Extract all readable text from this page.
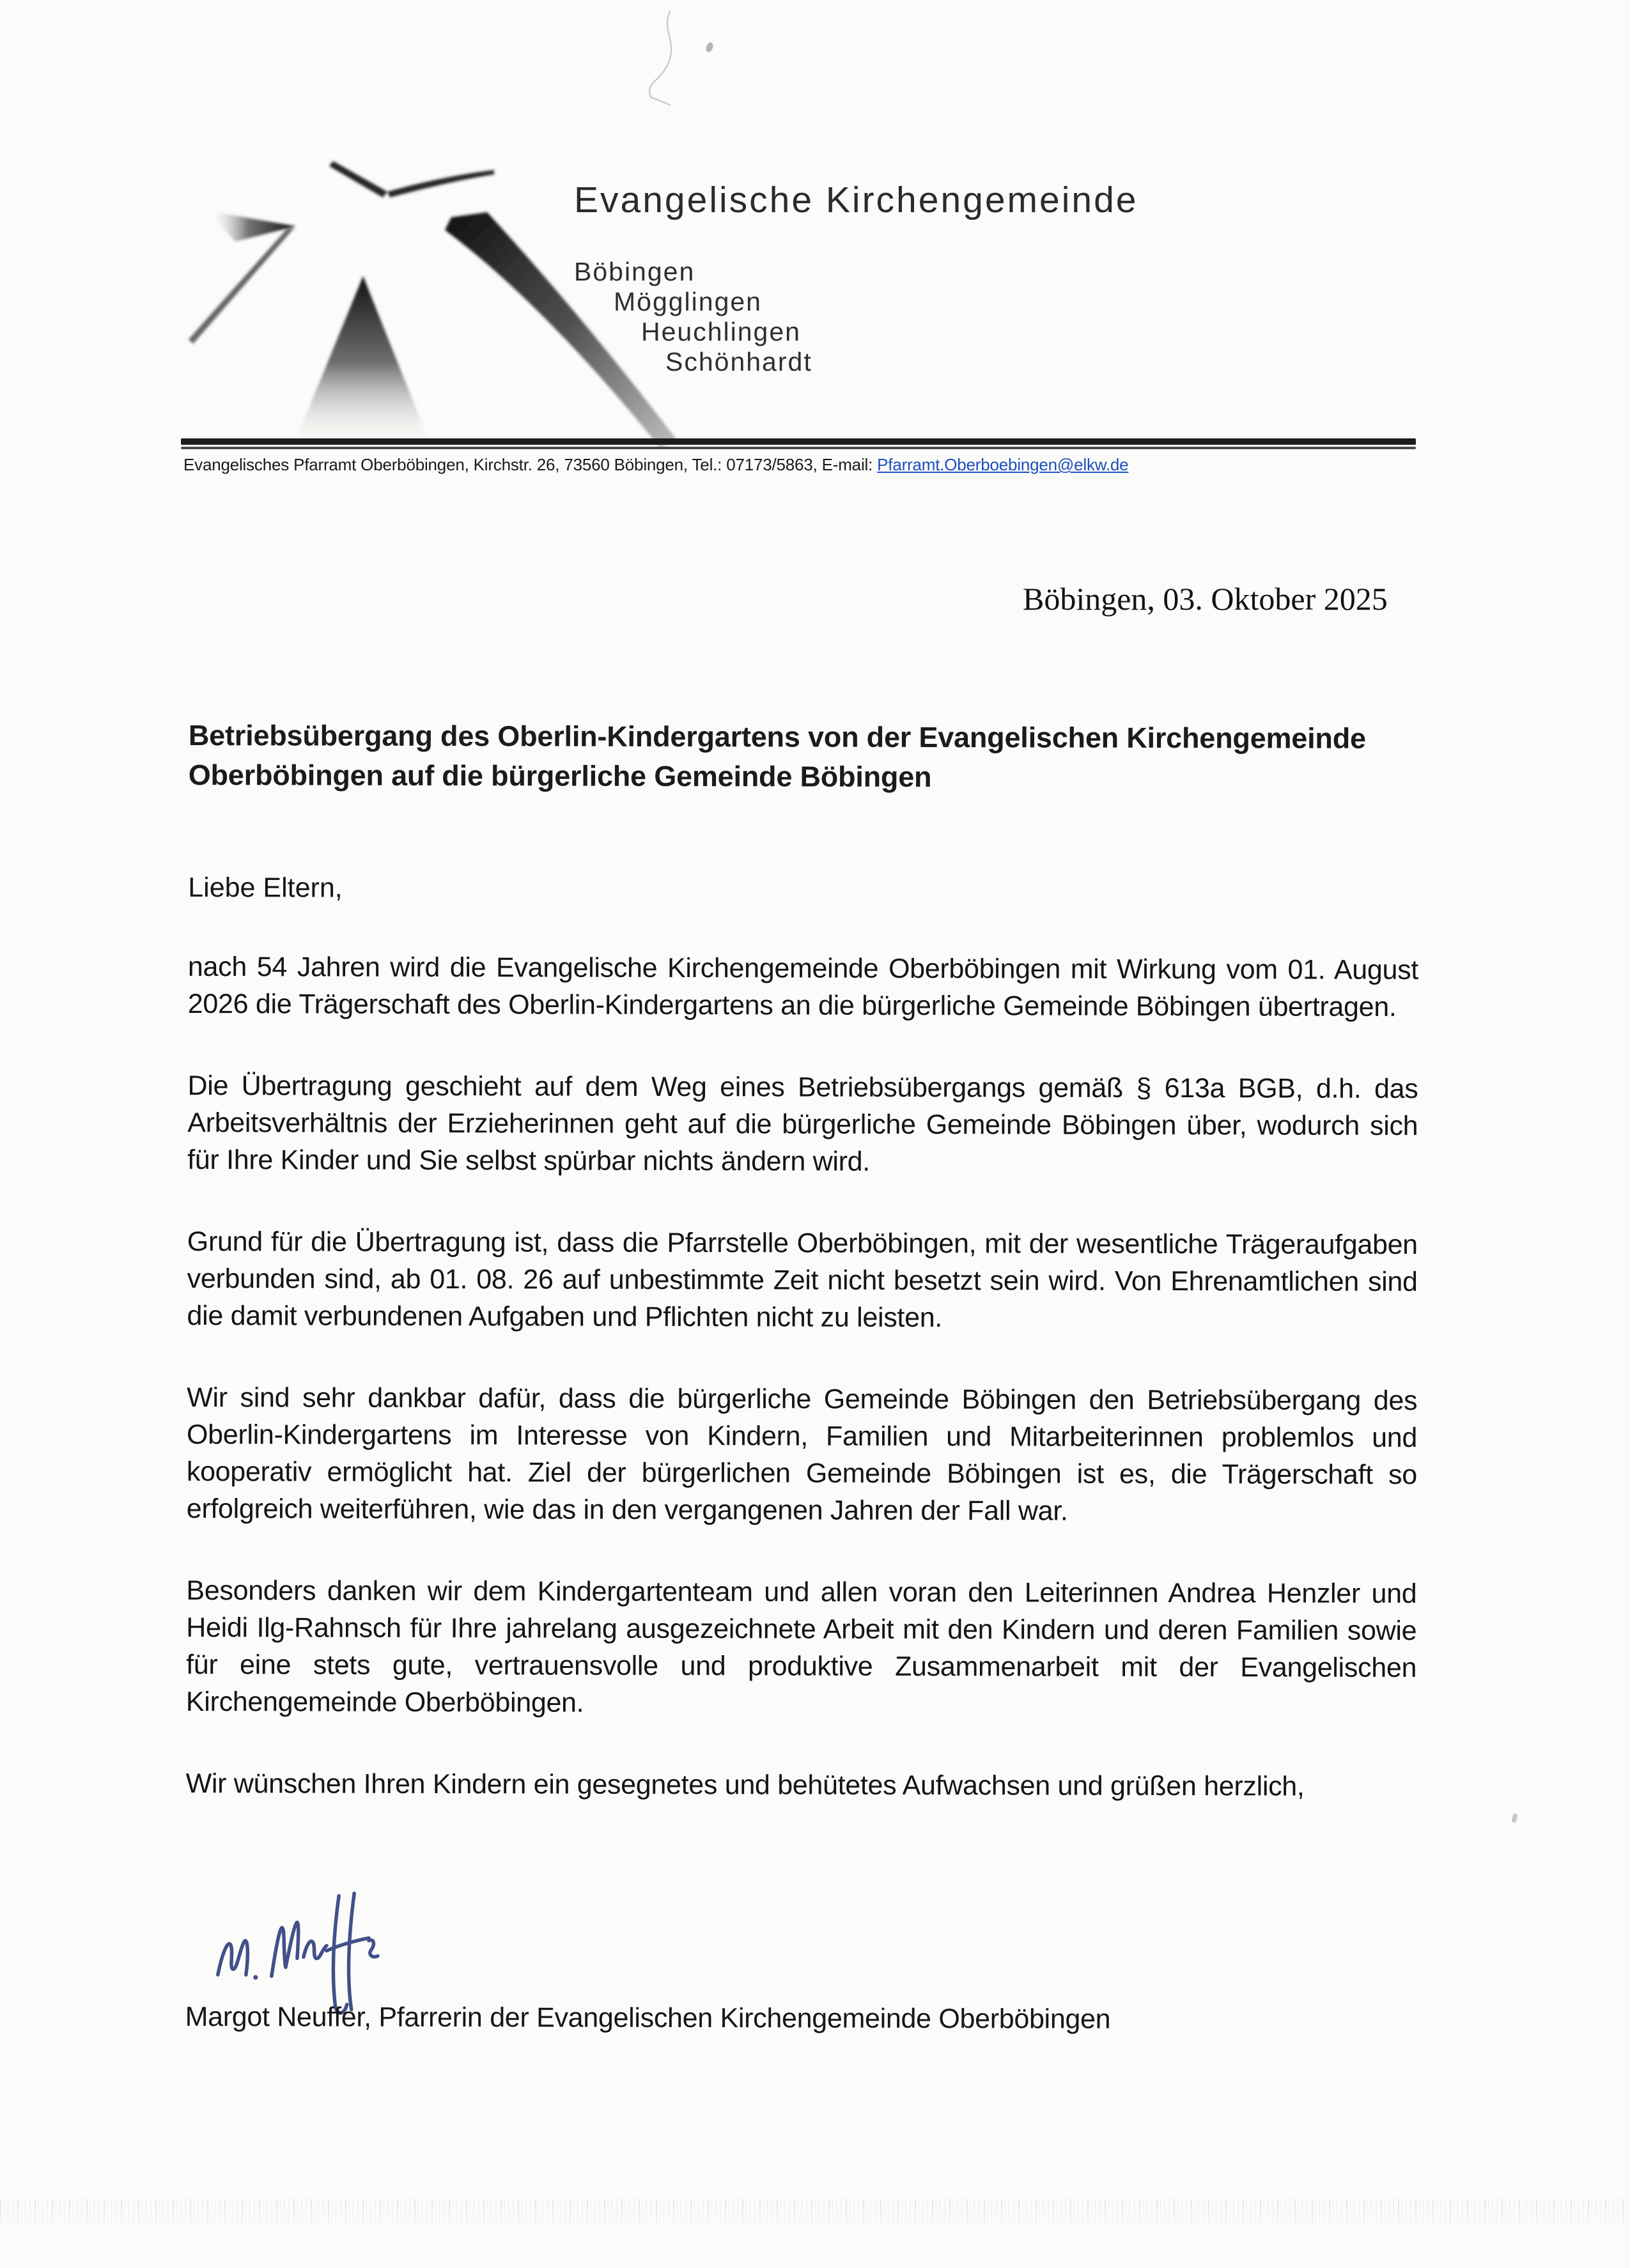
Evangelische Kirchengemeinde
Böbingen
Mögglingen
Heuchlingen
Schönhardt
Evangelisches Pfarramt Oberböbingen, Kirchstr. 26, 73560 Böbingen, Tel.: 07173/5863, E-mail: Pfarramt.Oberboebingen@elkw.de
Böbingen, 03. Oktober 2025

Betriebsübergang des Oberlin-Kindergartens von der Evangelischen Kirchengemeinde Oberböbingen auf die bürgerliche Gemeinde Böbingen

Liebe Eltern,

nach 54 Jahren wird die Evangelische Kirchengemeinde Oberböbingen mit Wirkung vom 01. August 2026 die Trägerschaft des Oberlin-Kindergartens an die bürgerliche Gemeinde Böbingen übertragen.

Die Übertragung geschieht auf dem Weg eines Betriebsübergangs gemäß § 613a BGB, d.h. das Arbeitsverhältnis der Erzieherinnen geht auf die bürgerliche Gemeinde Böbingen über, wodurch sich für Ihre Kinder und Sie selbst spürbar nichts ändern wird.

Grund für die Übertragung ist, dass die Pfarrstelle Oberböbingen, mit der wesentliche Trägeraufgaben verbunden sind, ab 01. 08. 26 auf unbestimmte Zeit nicht besetzt sein wird. Von Ehrenamtlichen sind die damit verbundenen Aufgaben und Pflichten nicht zu leisten.

Wir sind sehr dankbar dafür, dass die bürgerliche Gemeinde Böbingen den Betriebsübergang des Oberlin-Kindergartens im Interesse von Kindern, Familien und Mitarbeiterinnen problemlos und kooperativ ermöglicht hat. Ziel der bürgerlichen Gemeinde Böbingen ist es, die Trägerschaft so erfolgreich weiterführen, wie das in den vergangenen Jahren der Fall war.

Besonders danken wir dem Kindergartenteam und allen voran den Leiterinnen Andrea Henzler und Heidi Ilg-Rahnsch für Ihre jahrelang ausgezeichnete Arbeit mit den Kindern und deren Familien sowie für eine stets gute, vertrauensvolle und produktive Zusammenarbeit mit der Evangelischen Kirchengemeinde Oberböbingen.

Wir wünschen Ihren Kindern ein gesegnetes und behütetes Aufwachsen und grüßen herzlich,

Margot Neuffer, Pfarrerin der Evangelischen Kirchengemeinde Oberböbingen
